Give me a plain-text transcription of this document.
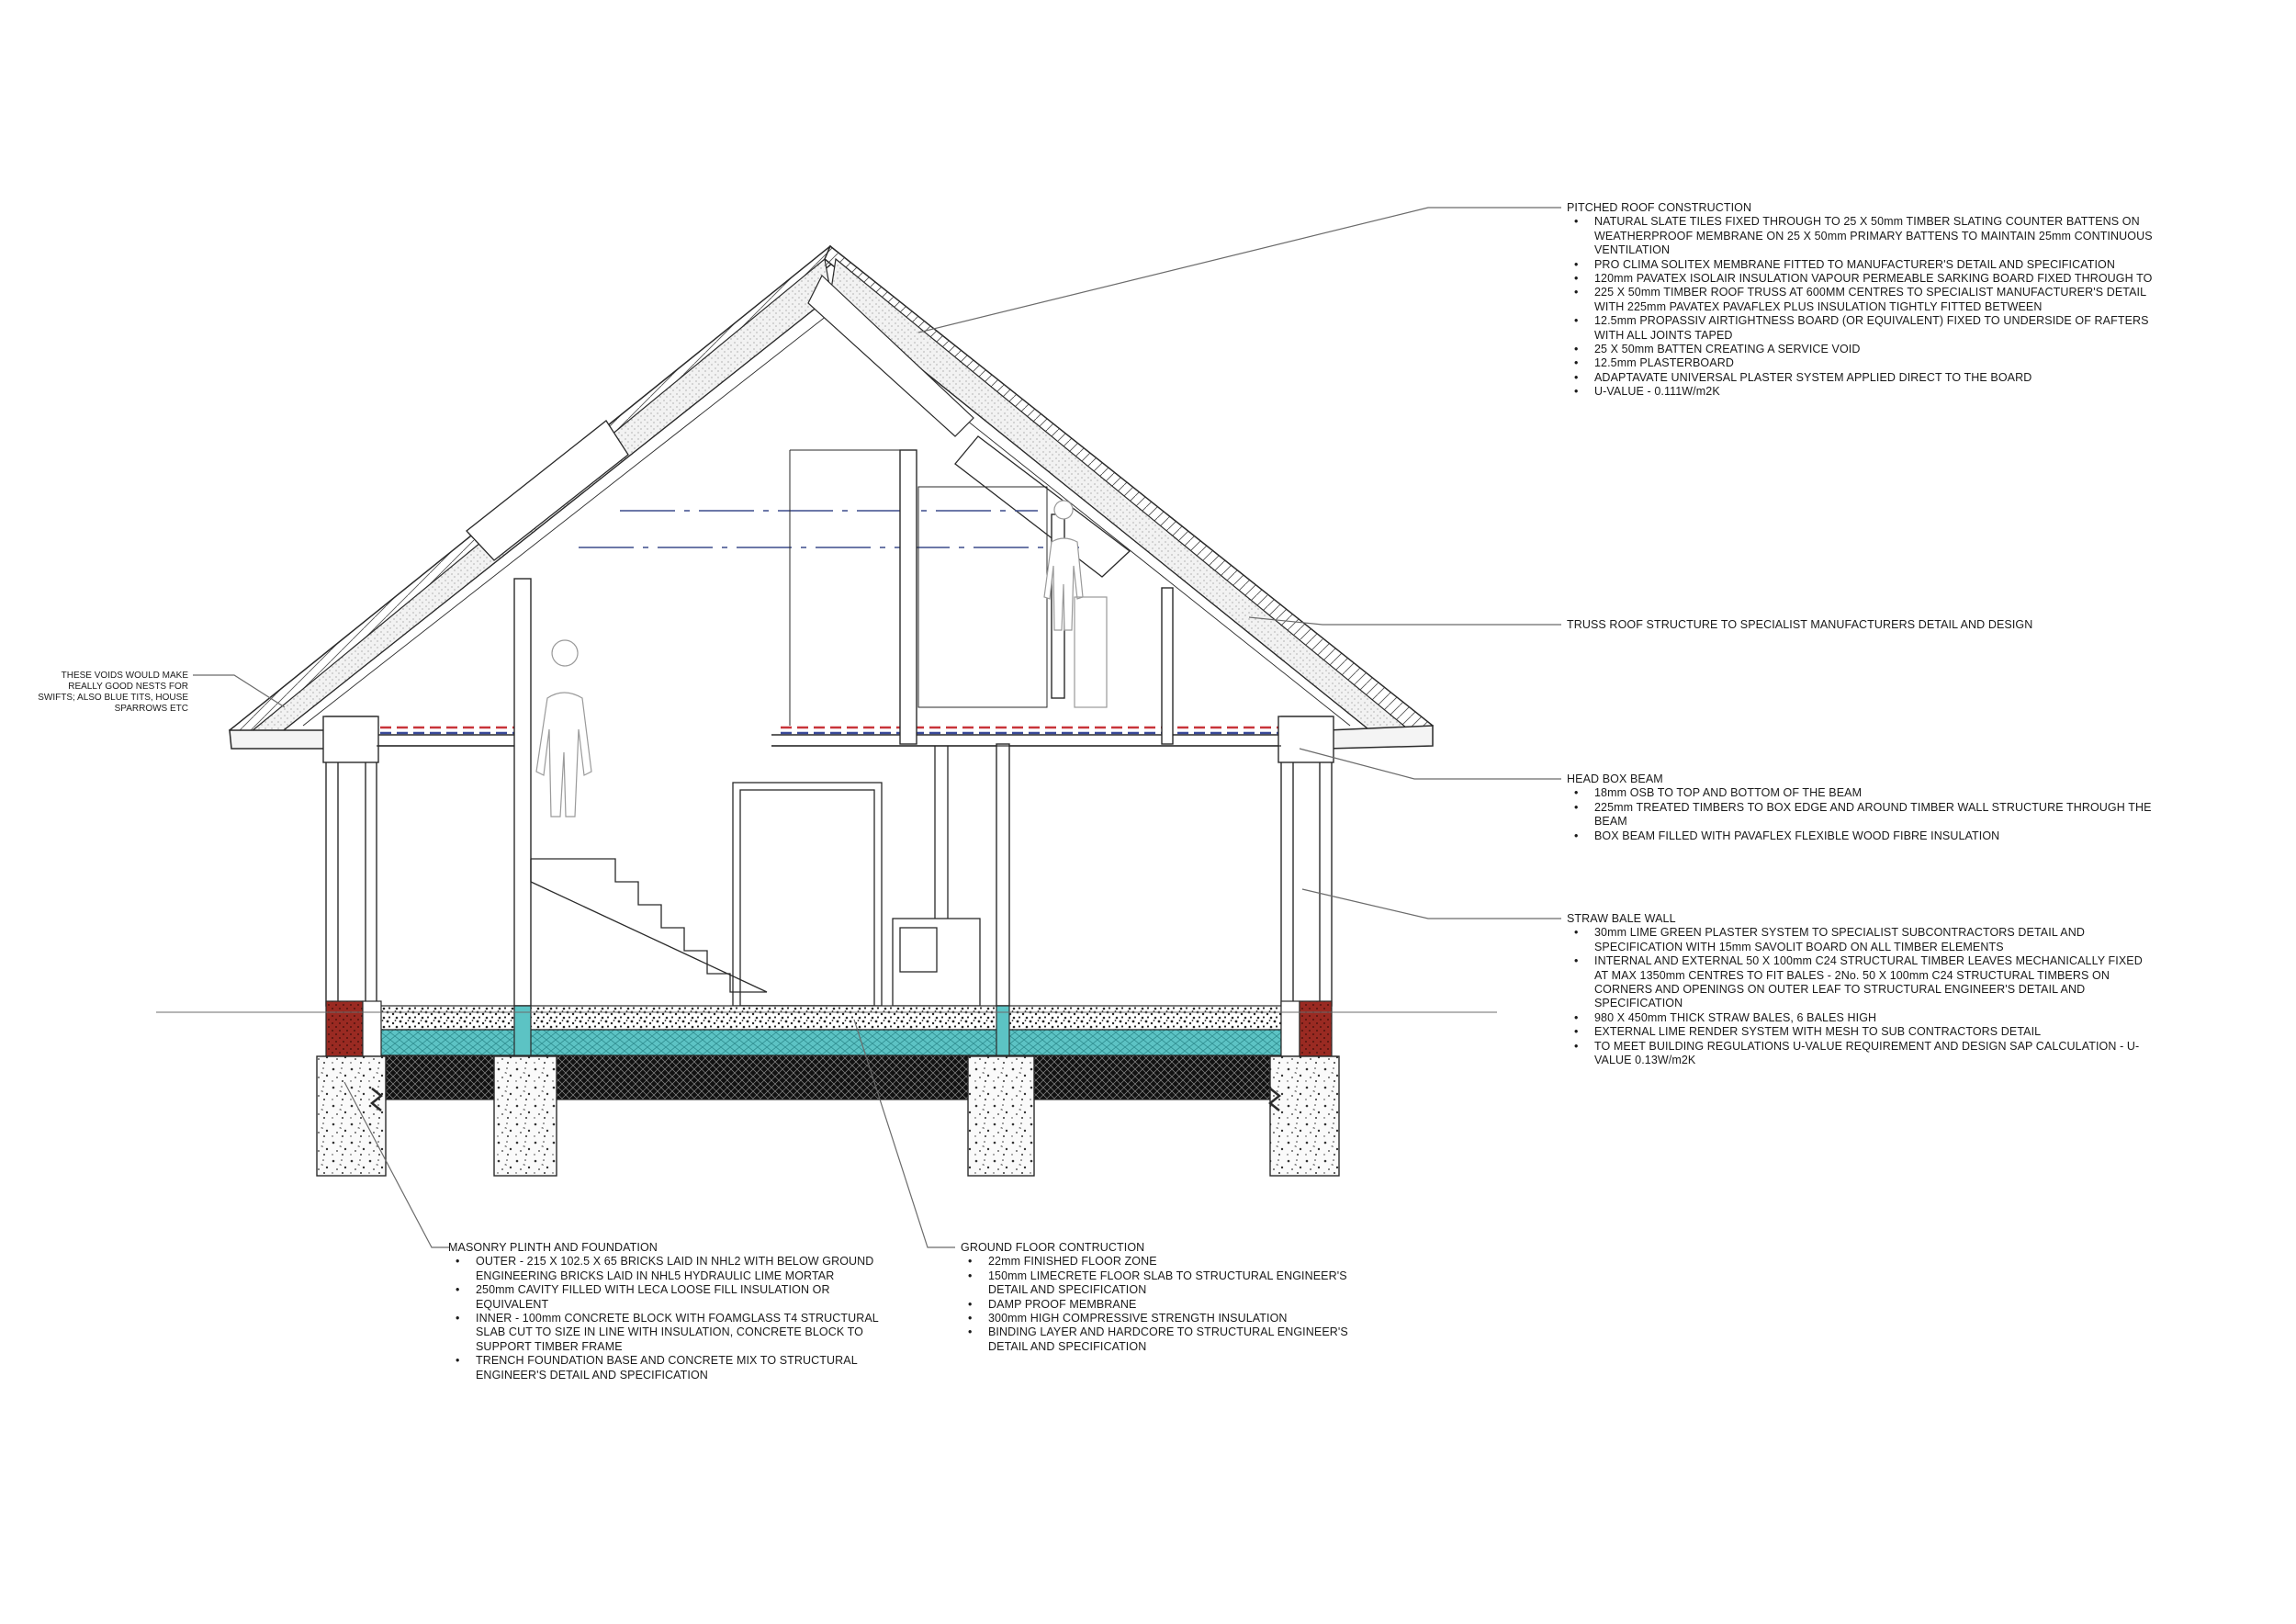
PITCHED ROOF CONSTRUCTION
• NATURAL SLATE TILES FIXED THROUGH TO 25 X 50mm TIMBER SLATING COUNTER BATTENS ON WEATHERPROOF MEMBRANE ON 25 X 50mm PRIMARY BATTENS TO MAINTAIN 25mm CONTINUOUS VENTILATION
• PRO CLIMA SOLITEX MEMBRANE FITTED TO MANUFACTURER'S DETAIL AND SPECIFICATION
• 120mm PAVATEX ISOLAIR INSULATION VAPOUR PERMEABLE SARKING BOARD FIXED THROUGH TO
• 225 X 50mm TIMBER ROOF TRUSS AT 600MM CENTRES TO SPECIALIST MANUFACTURER'S DETAIL WITH 225mm PAVATEX PAVAFLEX PLUS INSULATION TIGHTLY FITTED BETWEEN
• 12.5mm PROPASSIV AIRTIGHTNESS BOARD (OR EQUIVALENT) FIXED TO UNDERSIDE OF RAFTERS WITH ALL JOINTS TAPED
• 25 X 50mm BATTEN CREATING A SERVICE VOID
• 12.5mm PLASTERBOARD
• ADAPTAVATE UNIVERSAL PLASTER SYSTEM APPLIED DIRECT TO THE BOARD
• U-VALUE - 0.111W/m2K
TRUSS ROOF STRUCTURE TO SPECIALIST MANUFACTURERS DETAIL AND DESIGN
HEAD BOX BEAM
• 18mm OSB TO TOP AND BOTTOM OF THE BEAM
• 225mm TREATED TIMBERS TO BOX EDGE AND AROUND TIMBER WALL STRUCTURE THROUGH THE BEAM
• BOX BEAM FILLED WITH PAVAFLEX FLEXIBLE WOOD FIBRE INSULATION
STRAW BALE WALL
• 30mm LIME GREEN PLASTER SYSTEM TO SPECIALIST SUBCONTRACTORS DETAIL AND SPECIFICATION WITH 15mm SAVOLIT BOARD ON ALL TIMBER ELEMENTS
• INTERNAL AND EXTERNAL 50 X 100mm C24 STRUCTURAL TIMBER LEAVES MECHANICALLY FIXED AT MAX 1350mm CENTRES TO FIT BALES - 2No. 50 X 100mm C24 STRUCTURAL TIMBERS ON CORNERS AND OPENINGS ON OUTER LEAF TO STRUCTURAL ENGINEER'S DETAIL AND SPECIFICATION
• 980 X 450mm THICK STRAW BALES, 6 BALES HIGH
• EXTERNAL LIME RENDER SYSTEM WITH MESH TO SUB CONTRACTORS DETAIL
• TO MEET BUILDING REGULATIONS U-VALUE REQUIREMENT AND DESIGN SAP CALCULATION - U-VALUE 0.13W/m2K
MASONRY PLINTH AND FOUNDATION
• OUTER - 215 X 102.5 X 65 BRICKS LAID IN NHL2 WITH BELOW GROUND ENGINEERING BRICKS LAID IN NHL5 HYDRAULIC LIME MORTAR
• 250mm CAVITY FILLED WITH LECA LOOSE FILL INSULATION OR EQUIVALENT
• INNER - 100mm CONCRETE BLOCK WITH FOAMGLASS T4 STRUCTURAL SLAB CUT TO SIZE IN LINE WITH INSULATION, CONCRETE BLOCK TO SUPPORT TIMBER FRAME
• TRENCH FOUNDATION BASE AND CONCRETE MIX TO STRUCTURAL ENGINEER'S DETAIL AND SPECIFICATION
GROUND FLOOR CONTRUCTION
• 22mm FINISHED FLOOR ZONE
• 150mm LIMECRETE FLOOR SLAB TO STRUCTURAL ENGINEER'S DETAIL AND SPECIFICATION
• DAMP PROOF MEMBRANE
• 300mm HIGH COMPRESSIVE STRENGTH INSULATION
• BINDING LAYER AND HARDCORE TO STRUCTURAL ENGINEER'S DETAIL AND SPECIFICATION
THESE VOIDS WOULD MAKE REALLY GOOD NESTS FOR SWIFTS; ALSO BLUE TITS, HOUSE SPARROWS ETC
